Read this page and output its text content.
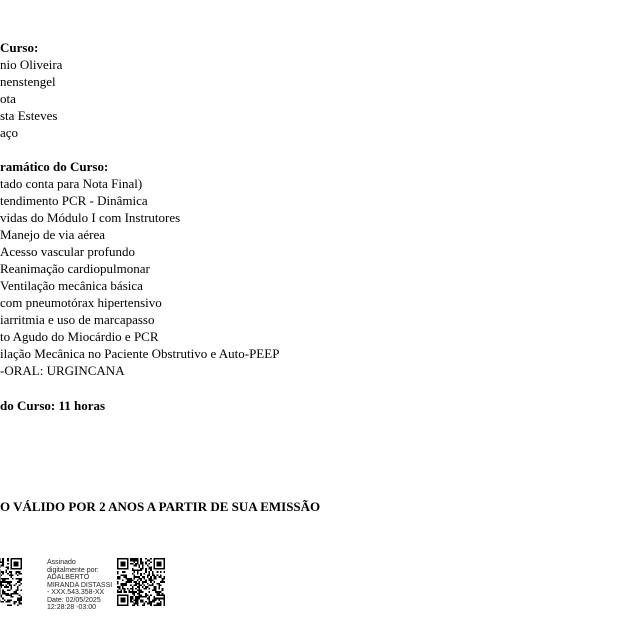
Curso:
nio Oliveira
nenstengel
ota
sta Esteves
aço
ramático do Curso:
tado conta para Nota Final)
tendimento PCR - Dinâmica
vidas do Módulo I com Instrutores
Manejo de via aérea
Acesso vascular profundo
Reanimação cardiopulmonar
Ventilação mecânica básica
com pneumotórax hipertensivo
iarritmia e uso de marcapasso
to Agudo do Miocárdio e PCR
ilação Mecânica no Paciente Obstrutivo e Auto-PEEP
-ORAL: URGINCANA
do Curso: 11 horas
O VÁLIDO POR 2 ANOS A PARTIR DE SUA EMISSÃO
Assinado
digitalmente por:
ADALBERTO
MIRANDA DISTASSI
- XXX.543.358-XX
Date: 02/05/2025
12:28:28 -03:00
